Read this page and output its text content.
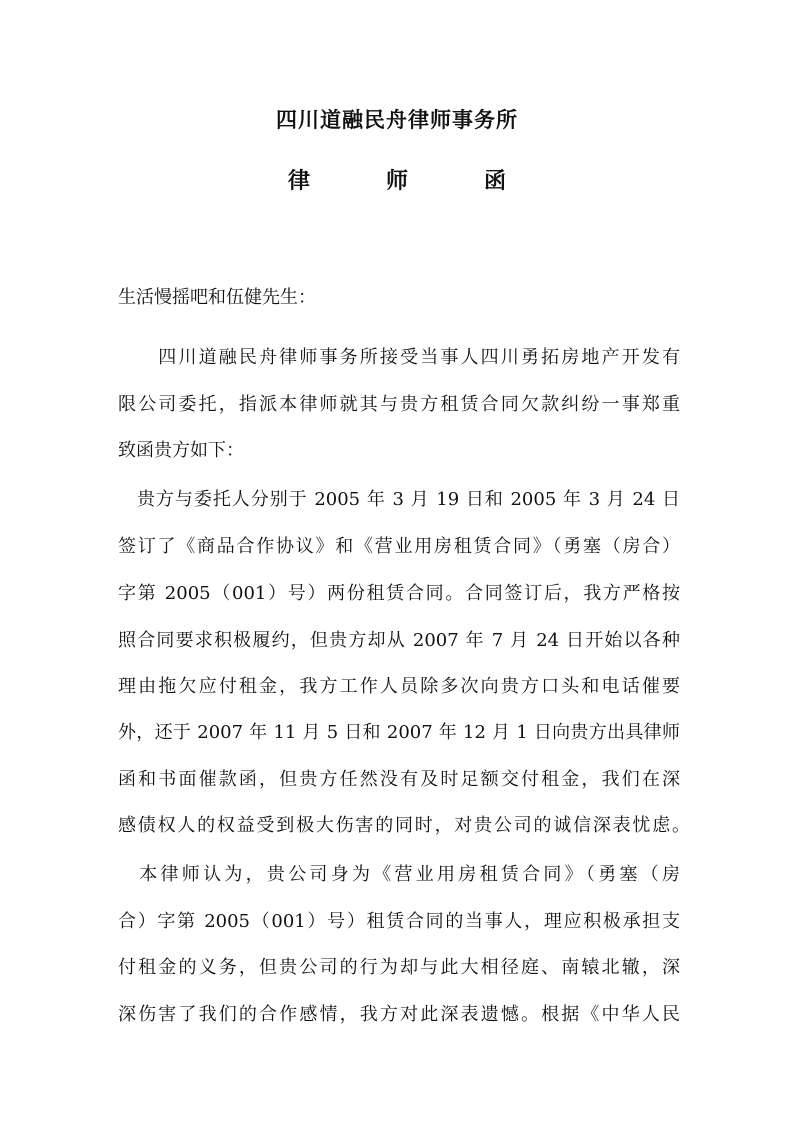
四川道融民舟律师事务所
律	师	函
生活慢摇吧和伍健先生：
　　四川道融民舟律师事务所接受当事人四川勇拓房地产开发有
限公司委托，指派本律师就其与贵方租赁合同欠款纠纷一事郑重
致函贵方如下：
　贵方与委托人分别于 2005 年 3 月 19 日和 2005 年 3 月 24 日
签订了《商品合作协议》和《营业用房租赁合同》（勇塞（房合）
字第 2005（001）号）两份租赁合同。合同签订后，我方严格按
照合同要求积极履约，但贵方却从 2007 年 7 月 24 日开始以各种
理由拖欠应付租金，我方工作人员除多次向贵方口头和电话催要
外，还于 2007 年 11 月 5 日和 2007 年 12 月 1 日向贵方出具律师
函和书面催款函，但贵方任然没有及时足额交付租金，我们在深
感债权人的权益受到极大伤害的同时，对贵公司的诚信深表忧虑。
　本律师认为，贵公司身为《营业用房租赁合同》（勇塞（房
合）字第 2005（001）号）租赁合同的当事人，理应积极承担支
付租金的义务，但贵公司的行为却与此大相径庭、南辕北辙，深
深伤害了我们的合作感情，我方对此深表遗憾。根据《中华人民
